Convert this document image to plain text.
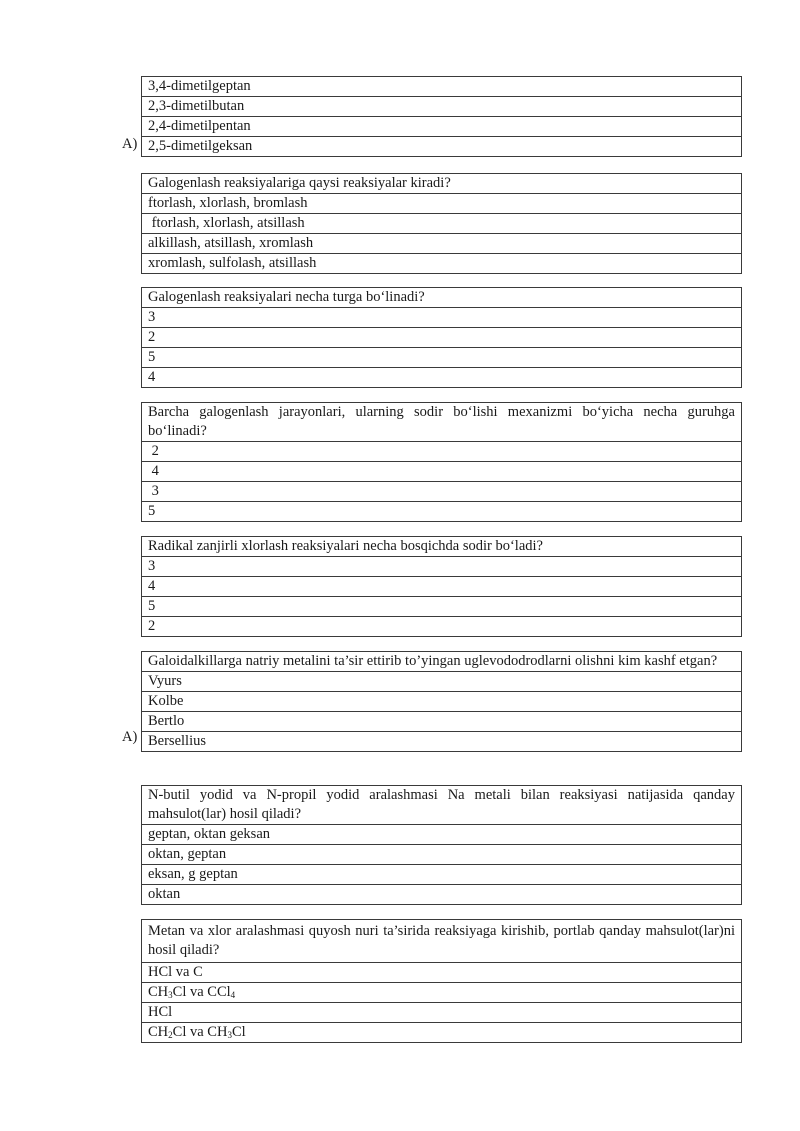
3,4-dimetilgeptan
2,3-dimetilbutan
2,4-dimetilpentan
2,5-dimetilgeksan
A)
Galogenlash reaksiyalariga qaysi reaksiyalar kiradi?
ftorlash, xlorlash, bromlash
ftorlash, xlorlash, atsillash
alkillash, atsillash, xromlash
xromlash, sulfolash, atsillash
Galogenlash reaksiyalari necha turga bo‘linadi?
3
2
5
4
Barcha galogenlash jarayonlari, ularning sodir bo‘lishi mexanizmi bo‘yicha necha guruhga bo‘linadi?
2
4
3
5
Radikal zanjirli xlorlash reaksiyalari necha bosqichda sodir bo‘ladi?
3
4
5
2
Galoidalkillarga natriy metalini ta’sir ettirib to’yingan uglevododrodlarni olishni kim kashf etgan?
Vyurs
Kolbe
Bertlo
Bersellius
A)
N-butil yodid va N-propil yodid aralashmasi Na metali bilan reaksiyasi natijasida qanday mahsulot(lar) hosil qiladi?
geptan, oktan geksan
oktan, geptan
eksan, g geptan
oktan
Metan va xlor aralashmasi quyosh nuri ta’sirida reaksiyaga kirishib, portlab qanday mahsulot(lar)ni hosil qiladi?
HCl va C
$CH_3Cl$ va CCl$_4$
HCl
$CH_2Cl$ va $CH_3Cl$
